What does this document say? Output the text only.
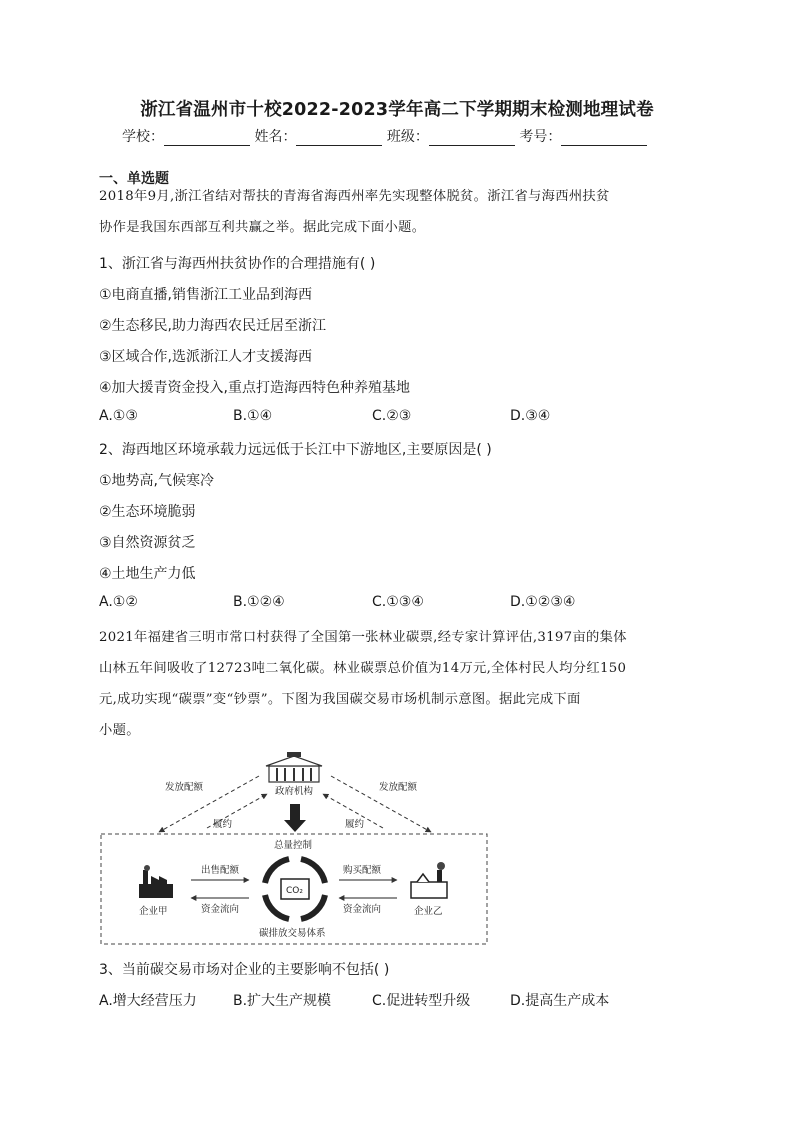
浙江省温州市十校2022-2023学年高二下学期期末检测地理试卷
学校：	姓名：	班级：	考号：
一、单选题
2018年9月,浙江省结对帮扶的青海省海西州率先实现整体脱贫。浙江省与海西州扶贫
协作是我国东西部互利共赢之举。据此完成下面小题。
1、浙江省与海西州扶贫协作的合理措施有( )
①电商直播,销售浙江工业品到海西
②生态移民,助力海西农民迁居至浙江
③区域合作,选派浙江人才支援海西
④加大援青资金投入,重点打造海西特色种养殖基地
A.①③	B.①④	C.②③	D.③④
2、海西地区环境承载力远远低于长江中下游地区,主要原因是( )
①地势高,气候寒冷
②生态环境脆弱
③自然资源贫乏
④土地生产力低
A.①②	B.①②④	C.①③④	D.①②③④
2021年福建省三明市常口村获得了全国第一张林业碳票,经专家计算评估,3197亩的集体
山林五年间吸收了12723吨二氧化碳。林业碳票总价值为14万元,全体村民人均分红150
元,成功实现“碳票”变“钞票”。下图为我国碳交易市场机制示意图。据此完成下面
小题。
政府机构
发放配额	发放配额
履约	履约
总量控制
CO₂
企业甲	企业乙
出售配额
资金流向
购买配额
资金流向
碳排放交易体系
3、当前碳交易市场对企业的主要影响不包括( )
A.增大经营压力	B.扩大生产规模	C.促进转型升级	D.提高生产成本
